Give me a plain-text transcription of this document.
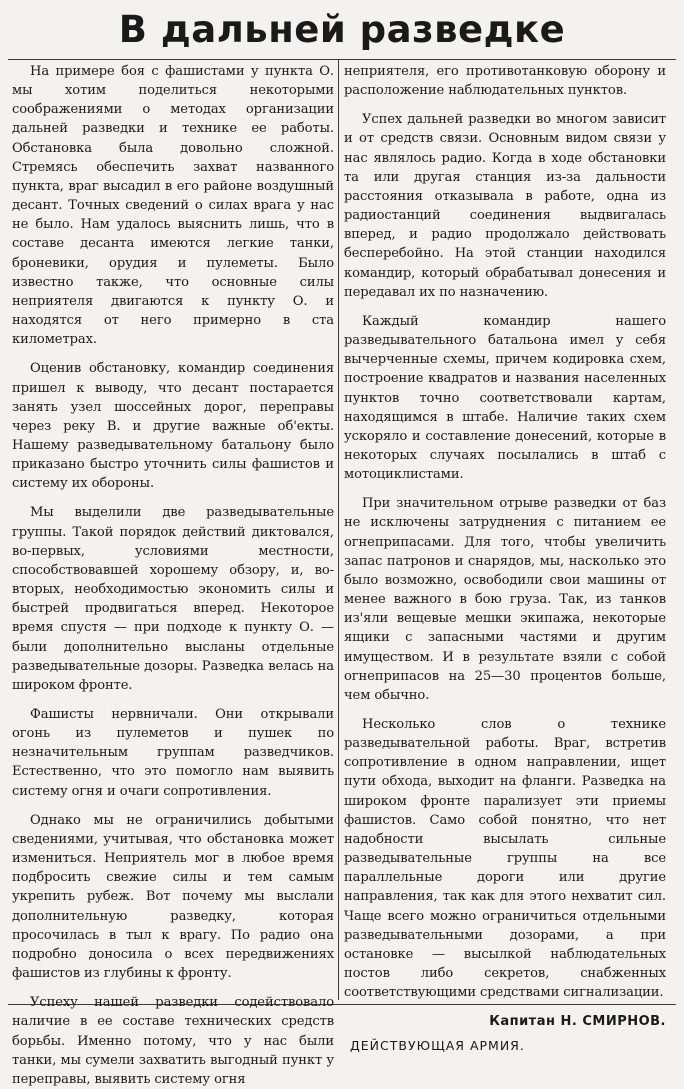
В дальней разведке

На примере боя с фашистами у пункта О. мы хотим поделиться некоторыми соображениями о методах организации дальней разведки и технике ее работы. Обстановка была довольно сложной. Стремясь обеспечить захват названного пункта, враг высадил в его районе воздушный десант. Точных сведений о силах врага у нас не было. Нам удалось выяснить лишь, что в составе десанта имеются легкие танки, броневики, орудия и пулеметы. Было известно также, что основные силы неприятеля двигаются к пункту О. и находятся от него примерно в ста километрах.

Оценив обстановку, командир соединения пришел к выводу, что десант постарается занять узел шоссейных дорог, переправы через реку В. и другие важные об'екты. Нашему разведывательному батальону было приказано быстро уточнить силы фашистов и систему их обороны.

Мы выделили две разведывательные группы. Такой порядок действий диктовался, во-первых, условиями местности, способствовавшей хорошему обзору, и, во-вторых, необходимостью экономить силы и быстрей продвигаться вперед. Некоторое время спустя — при подходе к пункту О. — были дополнительно высланы отдельные разведывательные дозоры. Разведка велась на широком фронте.

Фашисты нервничали. Они открывали огонь из пулеметов и пушек по незначительным группам разведчиков. Естественно, что это помогло нам выявить систему огня и очаги сопротивления.

Однако мы не ограничились добытыми сведениями, учитывая, что обстановка может измениться. Неприятель мог в любое время подбросить свежие силы и тем самым укрепить рубеж. Вот почему мы выслали дополнительную разведку, которая просочилась в тыл к врагу. По радио она подробно доносила о всех передвижениях фашистов из глубины к фронту.

Успеху нашей разведки содействовало наличие в ее составе технических средств борьбы. Именно потому, что у нас были танки, мы сумели захватить выгодный пункт у переправы, выявить систему огня

неприятеля, его противотанковую оборону и расположение наблюдательных пунктов.

Успех дальней разведки во многом зависит и от средств связи. Основным видом связи у нас являлось радио. Когда в ходе обстановки та или другая станция из-за дальности расстояния отказывала в работе, одна из радиостанций соединения выдвигалась вперед, и радио продолжало действовать бесперебойно. На этой станции находился командир, который обрабатывал донесения и передавал их по назначению.

Каждый командир нашего разведывательного батальона имел у себя вычерченные схемы, причем кодировка схем, построение квадратов и названия населенных пунктов точно соответствовали картам, находящимся в штабе. Наличие таких схем ускоряло и составление донесений, которые в некоторых случаях посылались в штаб с мотоциклистами.

При значительном отрыве разведки от баз не исключены затруднения с питанием ее огнеприпасами. Для того, чтобы увеличить запас патронов и снарядов, мы, насколько это было возможно, освободили свои машины от менее важного в бою груза. Так, из танков из'яли вещевые мешки экипажа, некоторые ящики с запасными частями и другим имуществом. И в результате взяли с собой огнеприпасов на 25—30 процентов больше, чем обычно.

Несколько слов о технике разведывательной работы. Враг, встретив сопротивление в одном направлении, ищет пути обхода, выходит на фланги. Разведка на широком фронте парализует эти приемы фашистов. Само собой понятно, что нет надобности высылать сильные разведывательные группы на все параллельные дороги или другие направления, так как для этого нехватит сил. Чаще всего можно ограничиться отдельными разведывательными дозорами, а при остановке — высылкой наблюдательных постов либо секретов, снабженных соответствующими средствами сигнализации.

Капитан Н. СМИРНОВ.
ДЕЙСТВУЮЩАЯ АРМИЯ.
